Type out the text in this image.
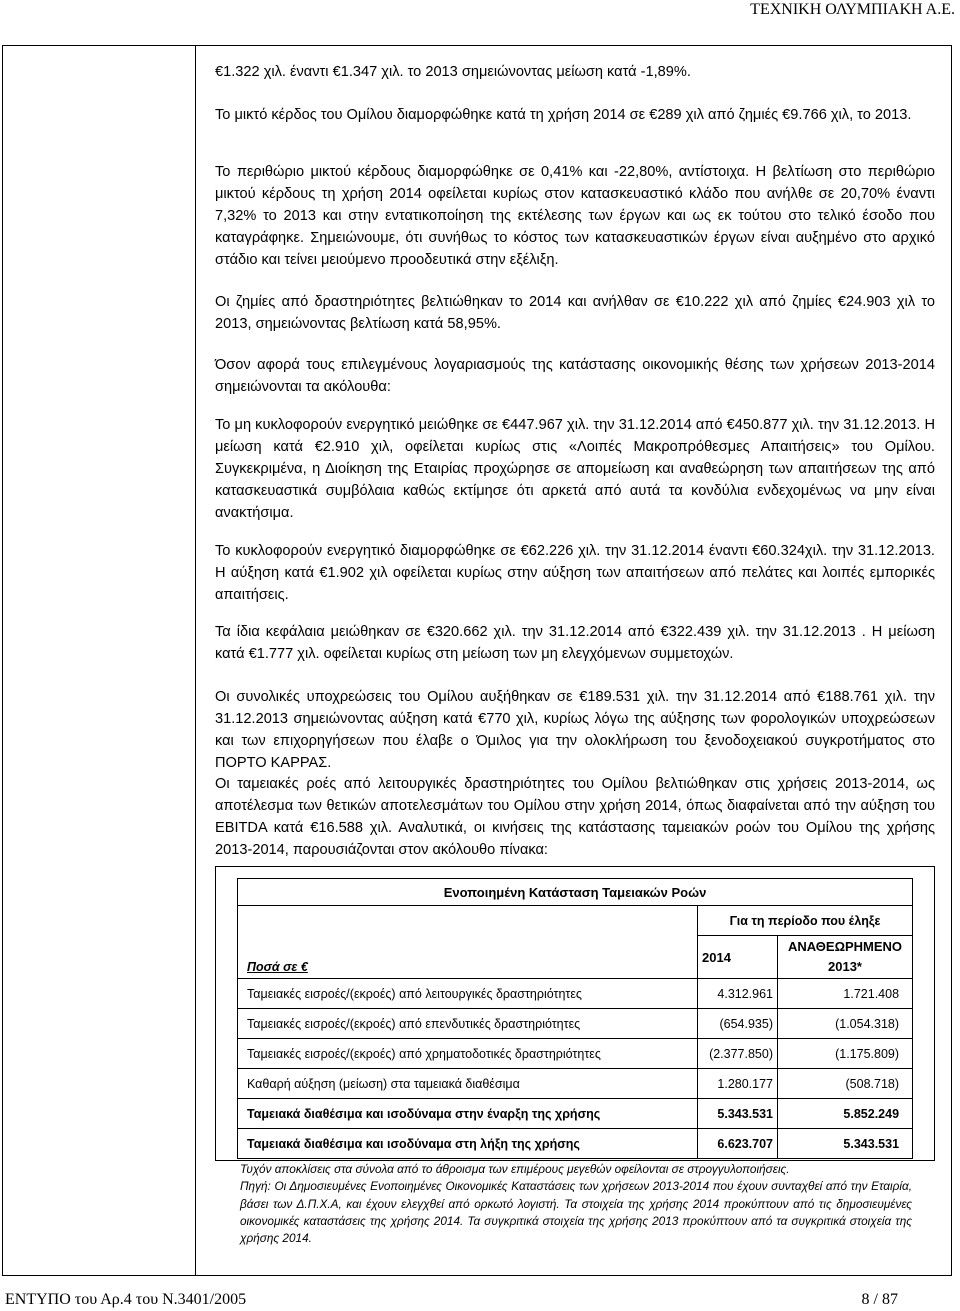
ΤΕΧΝΙΚΗ ΟΛΥΜΠΙΑΚΗ Α.Ε.

€1.322 χιλ. έναντι €1.347 χιλ. το 2013 σημειώνοντας μείωση κατά -1,89%.

Το μικτό κέρδος του Ομίλου διαμορφώθηκε κατά τη χρήση 2014 σε €289 χιλ από ζημιές €9.766 χιλ, το 2013.

Το περιθώριο μικτού κέρδους διαμορφώθηκε σε 0,41% και -22,80%, αντίστοιχα. Η βελτίωση στο περιθώριο μικτού κέρδους τη χρήση 2014 οφείλεται κυρίως στον κατασκευαστικό κλάδο που ανήλθε σε 20,70% έναντι 7,32% το 2013 και στην εντατικοποίηση της εκτέλεσης των έργων και ως εκ τούτου στο τελικό έσοδο που καταγράφηκε. Σημειώνουμε, ότι συνήθως το κόστος των κατασκευαστικών έργων είναι αυξημένο στο αρχικό στάδιο και τείνει μειούμενο προοδευτικά στην εξέλιξη.

Οι ζημίες από δραστηριότητες βελτιώθηκαν το 2014 και ανήλθαν σε €10.222 χιλ από ζημίες €24.903 χιλ το 2013, σημειώνοντας βελτίωση κατά 58,95%.

Όσον αφορά τους επιλεγμένους λογαριασμούς της κατάστασης οικονομικής θέσης των χρήσεων 2013-2014 σημειώνονται τα ακόλουθα:

Το μη κυκλοφορούν ενεργητικό μειώθηκε σε €447.967 χιλ. την 31.12.2014 από €450.877 χιλ. την 31.12.2013. Η μείωση κατά €2.910 χιλ, οφείλεται κυρίως στις «Λοιπές Μακροπρόθεσμες Απαιτήσεις» του Ομίλου. Συγκεκριμένα, η Διοίκηση της Εταιρίας προχώρησε σε απομείωση και αναθεώρηση των απαιτήσεων της από κατασκευαστικά συμβόλαια καθώς εκτίμησε ότι αρκετά από αυτά τα κονδύλια ενδεχομένως να μην είναι ανακτήσιμα.

Το κυκλοφορούν ενεργητικό διαμορφώθηκε σε €62.226 χιλ. την 31.12.2014 έναντι €60.324χιλ. την 31.12.2013. Η αύξηση κατά €1.902 χιλ οφείλεται κυρίως στην αύξηση των απαιτήσεων από πελάτες και λοιπές εμπορικές απαιτήσεις.

Τα ίδια κεφάλαια μειώθηκαν σε €320.662 χιλ. την 31.12.2014 από €322.439 χιλ. την 31.12.2013 . Η μείωση κατά €1.777 χιλ. οφείλεται κυρίως στη μείωση των μη ελεγχόμενων συμμετοχών.

Οι συνολικές υποχρεώσεις του Ομίλου αυξήθηκαν σε €189.531 χιλ. την 31.12.2014 από €188.761 χιλ. την 31.12.2013 σημειώνοντας αύξηση κατά €770 χιλ, κυρίως λόγω της αύξησης των φορολογικών υποχρεώσεων και των επιχορηγήσεων που έλαβε ο Όμιλος για την ολοκλήρωση του ξενοδοχειακού συγκροτήματος στο ΠΟΡΤΟ ΚΑΡΡΑΣ.

Οι ταμειακές ροές από λειτουργικές δραστηριότητες του Ομίλου βελτιώθηκαν στις χρήσεις 2013-2014, ως αποτέλεσμα των θετικών αποτελεσμάτων του Ομίλου στην χρήση 2014, όπως διαφαίνεται από την αύξηση του EBITDA κατά €16.588 χιλ. Αναλυτικά, οι κινήσεις της κατάστασης ταμειακών ροών του Ομίλου της χρήσης 2013-2014, παρουσιάζονται στον ακόλουθο πίνακα:

Ενοποιημένη Κατάσταση Ταμειακών Ροών		
Ποσά σε €	Για τη περίοδο που έληξε	
	2014	ΑΝΑΘΕΩΡΗΜΕΝΟ 2013*
Ταμειακές εισροές/(εκροές) από λειτουργικές δραστηριότητες	4.312.961	1.721.408
Ταμειακές εισροές/(εκροές) από επενδυτικές δραστηριότητες	(654.935)	(1.054.318)
Ταμειακές εισροές/(εκροές) από χρηματοδοτικές δραστηριότητες	(2.377.850)	(1.175.809)
Καθαρή αύξηση (μείωση) στα ταμειακά διαθέσιμα	1.280.177	(508.718)
Ταμειακά διαθέσιμα και ισοδύναμα στην έναρξη της χρήσης	5.343.531	5.852.249
Ταμειακά διαθέσιμα και ισοδύναμα στη λήξη της χρήσης	6.623.707	5.343.531

Τυχόν αποκλίσεις στα σύνολα από το άθροισμα των επιμέρους μεγεθών οφείλονται σε στρογγυλοποιήσεις.

Πηγή: Οι Δημοσιευμένες Ενοποιημένες Οικονομικές Καταστάσεις των χρήσεων 2013-2014 που έχουν συνταχθεί από την Εταιρία, βάσει των Δ.Π.Χ.Α, και έχουν ελεγχθεί από ορκωτό λογιστή. Τα στοιχεία της χρήσης 2014 προκύπτουν από τις δημοσιευμένες οικονομικές καταστάσεις της χρήσης 2014. Τα συγκριτικά στοιχεία της χρήσης 2013 προκύπτουν από τα συγκριτικά στοιχεία της χρήσης 2014.

ΕΝΤΥΠΟ του Αρ.4 του Ν.3401/2005	8 / 87
